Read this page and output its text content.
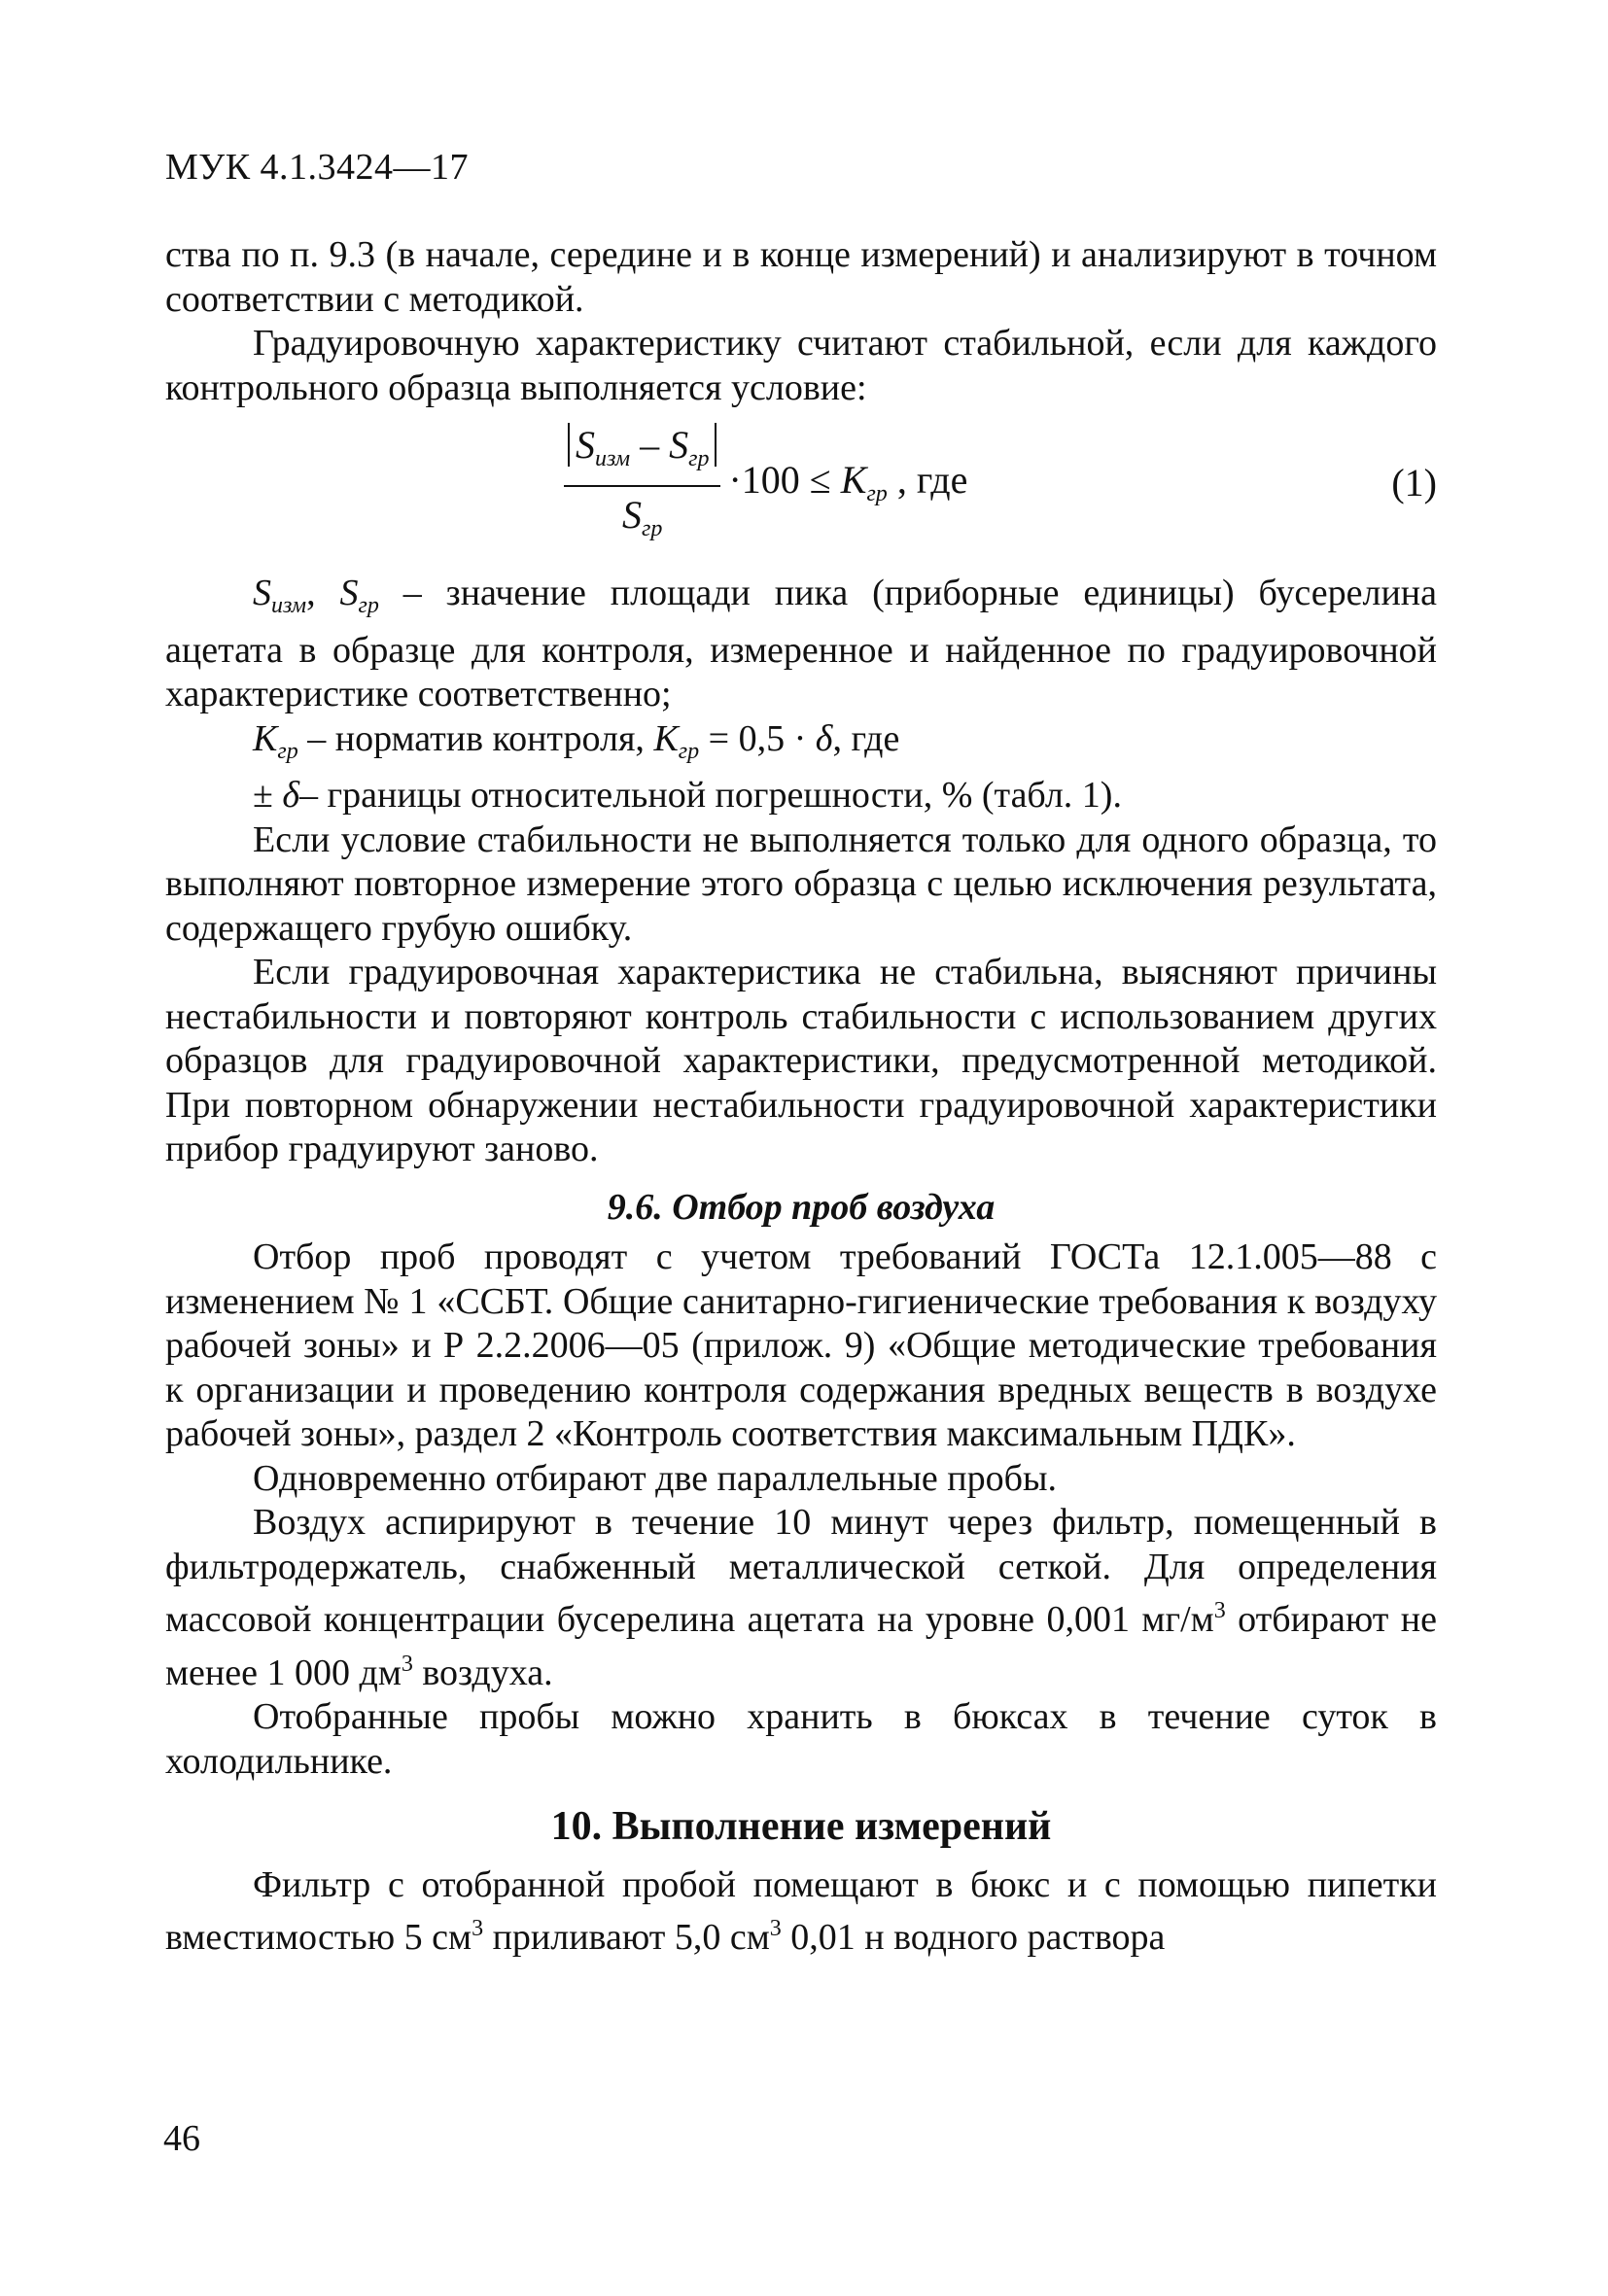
МУК 4.1.3424—17

ства по п. 9.3 (в начале, середине и в конце измерений) и анализируют в точном соответствии с методикой.

Градуировочную характеристику считают стабильной, если для каждого контрольного образца выполняется условие:

$\frac{S_{изм} - S_{гр}}{S_{гр}} \cdot 100 \le K_{гр}$ , где	(1)

$S_{изм}$, $S_{гр}$ – значение площади пика (приборные единицы) бусерелина ацетата в образце для контроля, измеренное и найденное по градуировочной характеристике соответственно;

$K_{гр}$ – норматив контроля, $K_{гр} = 0,5 \cdot \delta$, где

± δ– границы относительной погрешности, % (табл. 1).

Если условие стабильности не выполняется только для одного образца, то выполняют повторное измерение этого образца с целью исключения результата, содержащего грубую ошибку.

Если градуировочная характеристика не стабильна, выясняют причины нестабильности и повторяют контроль стабильности с использованием других образцов для градуировочной характеристики, предусмотренной методикой. При повторном обнаружении нестабильности градуировочной характеристики прибор градуируют заново.

9.6. Отбор проб воздуха

Отбор проб проводят с учетом требований ГОСТа 12.1.005—88 с изменением № 1 «ССБТ. Общие санитарно-гигиенические требования к воздуху рабочей зоны» и Р 2.2.2006—05 (прилож. 9) «Общие методические требования к организации и проведению контроля содержания вредных веществ в воздухе рабочей зоны», раздел 2 «Контроль соответствия максимальным ПДК».

Одновременно отбирают две параллельные пробы.

Воздух аспирируют в течение 10 минут через фильтр, помещенный в фильтродержатель, снабженный металлической сеткой. Для определения массовой концентрации бусерелина ацетата на уровне 0,001 $мг/м^3$ отбирают не менее 1 000 $дм^3$ воздуха.

Отобранные пробы можно хранить в бюксах в течение суток в холодильнике.

10. Выполнение измерений

Фильтр с отобранной пробой помещают в бюкс и с помощью пипетки вместимостью 5 $см^3$ приливают 5,0 $см^3$ 0,01 н водного раствора

46
